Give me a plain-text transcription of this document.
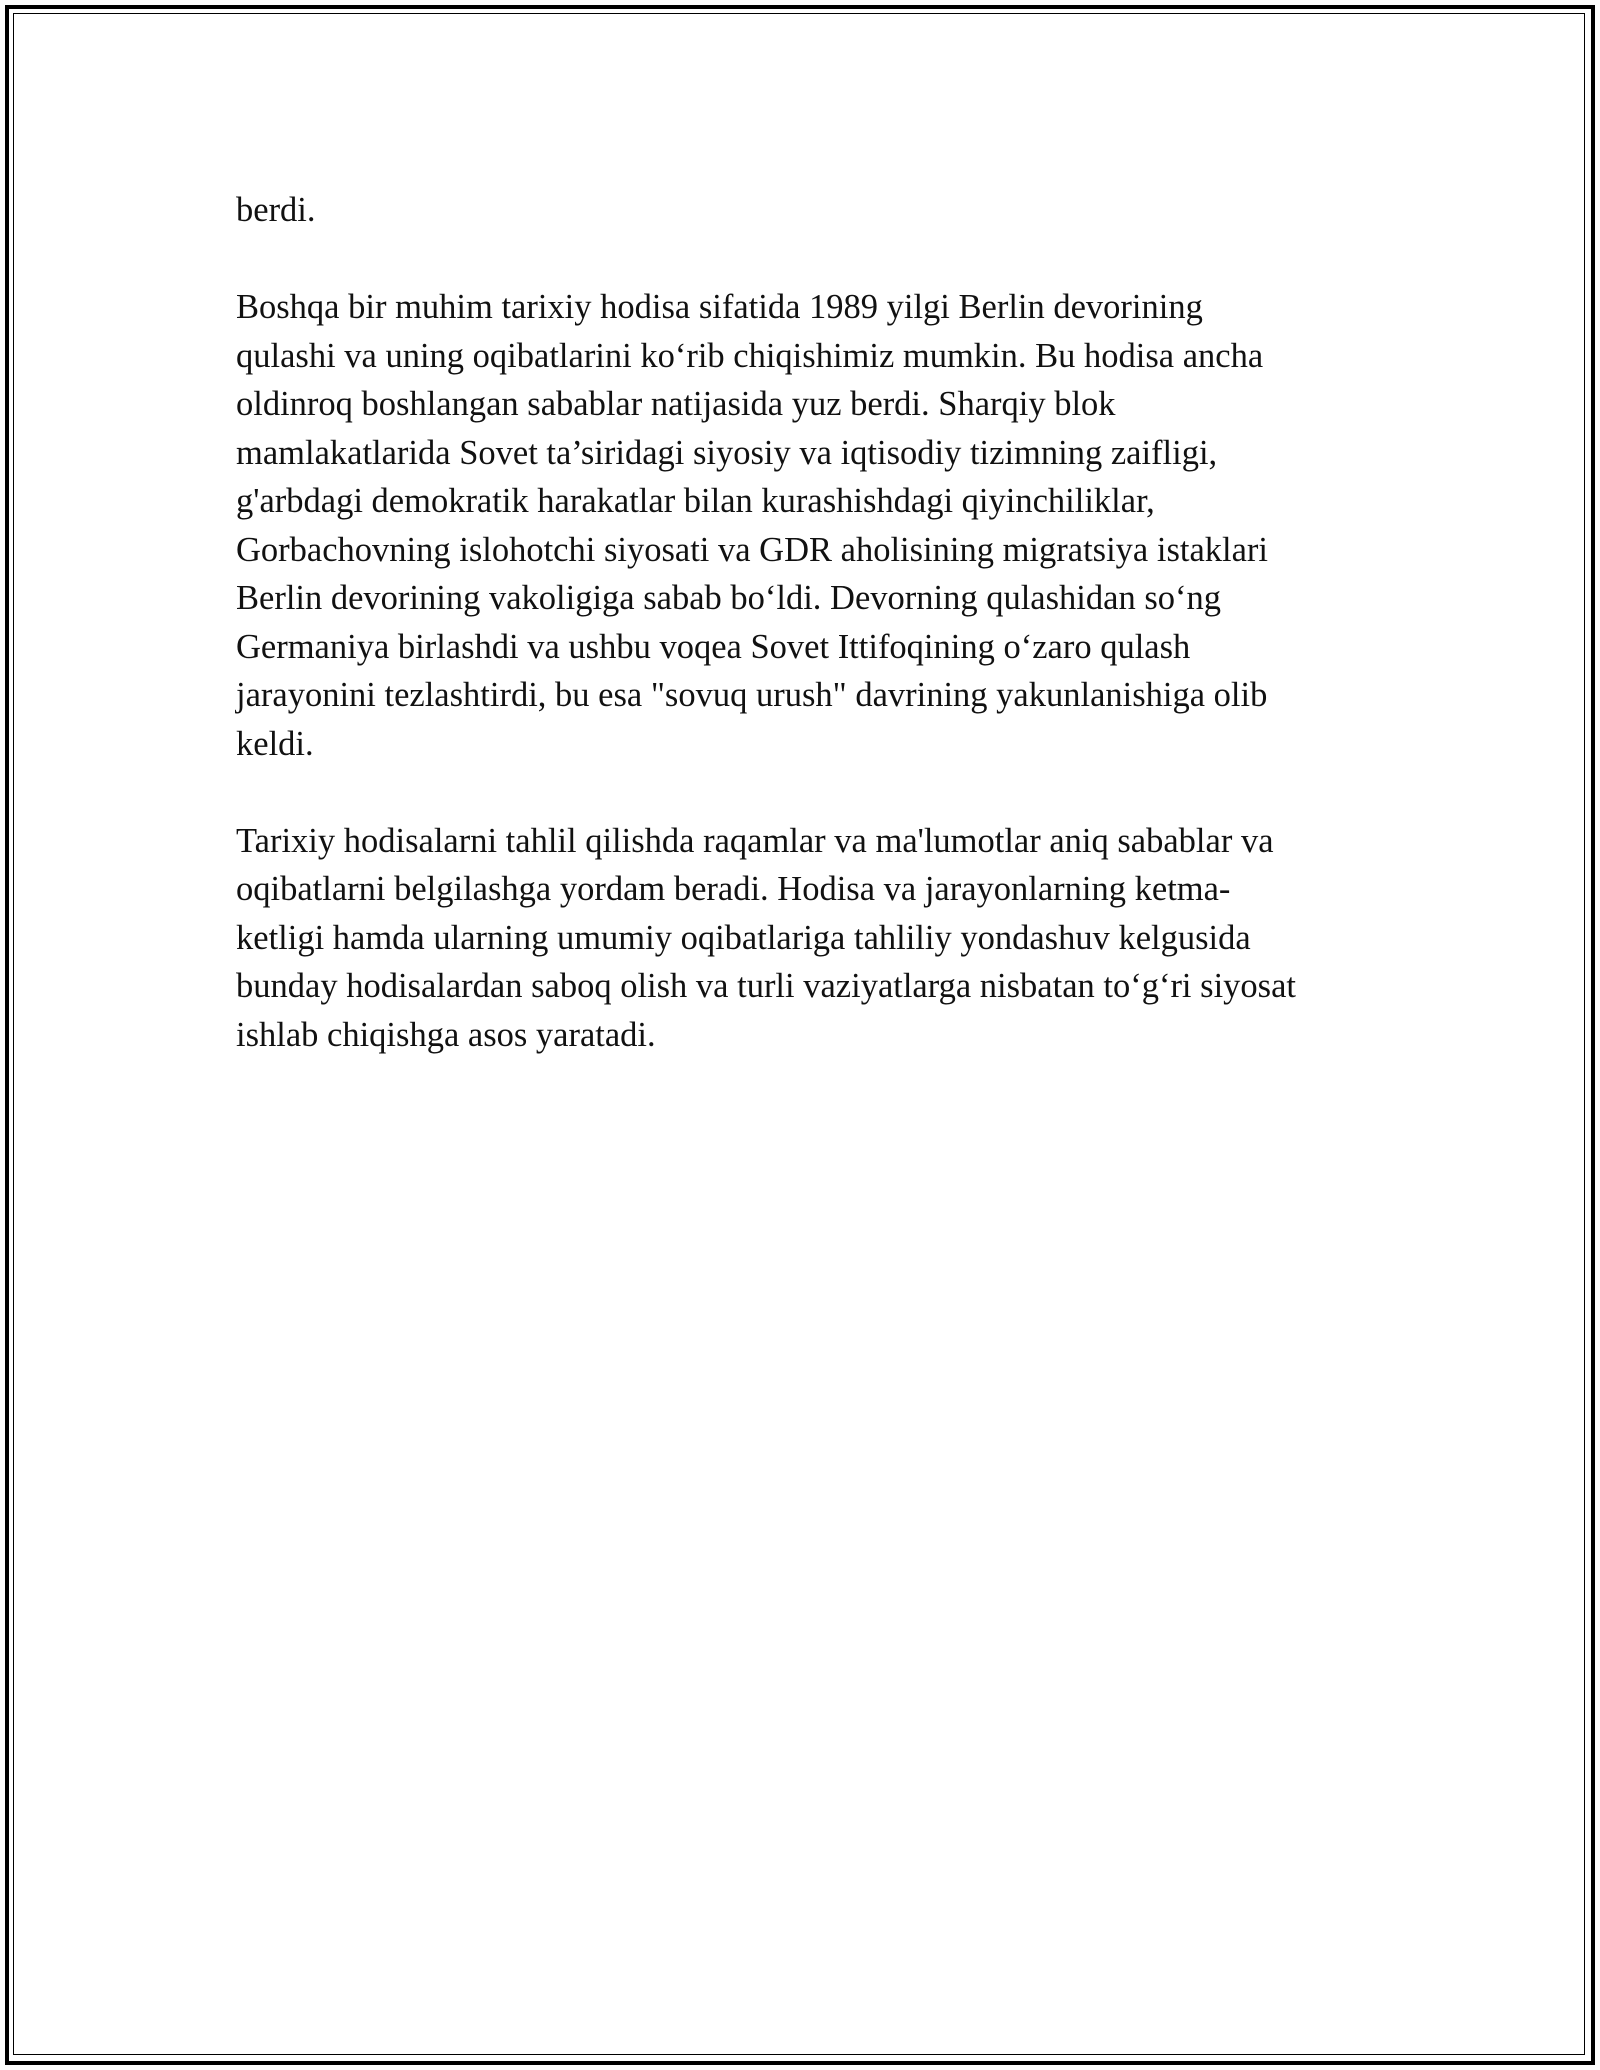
berdi.
Boshqa bir muhim tarixiy hodisa sifatida 1989 yilgi Berlin devorining
qulashi va uning oqibatlarini ko‘rib chiqishimiz mumkin. Bu hodisa ancha
oldinroq boshlangan sabablar natijasida yuz berdi. Sharqiy blok
mamlakatlarida Sovet ta’siridagi siyosiy va iqtisodiy tizimning zaifligi,
g'arbdagi demokratik harakatlar bilan kurashishdagi qiyinchiliklar,
Gorbachovning islohotchi siyosati va GDR aholisining migratsiya istaklari
Berlin devorining vakoligiga sabab bo‘ldi. Devorning qulashidan so‘ng
Germaniya birlashdi va ushbu voqea Sovet Ittifoqining o‘zaro qulash
jarayonini tezlashtirdi, bu esa "sovuq urush" davrining yakunlanishiga olib
keldi.
Tarixiy hodisalarni tahlil qilishda raqamlar va ma'lumotlar aniq sabablar va
oqibatlarni belgilashga yordam beradi. Hodisa va jarayonlarning ketma-
ketligi hamda ularning umumiy oqibatlariga tahliliy yondashuv kelgusida
bunday hodisalardan saboq olish va turli vaziyatlarga nisbatan to‘g‘ri siyosat
ishlab chiqishga asos yaratadi.
